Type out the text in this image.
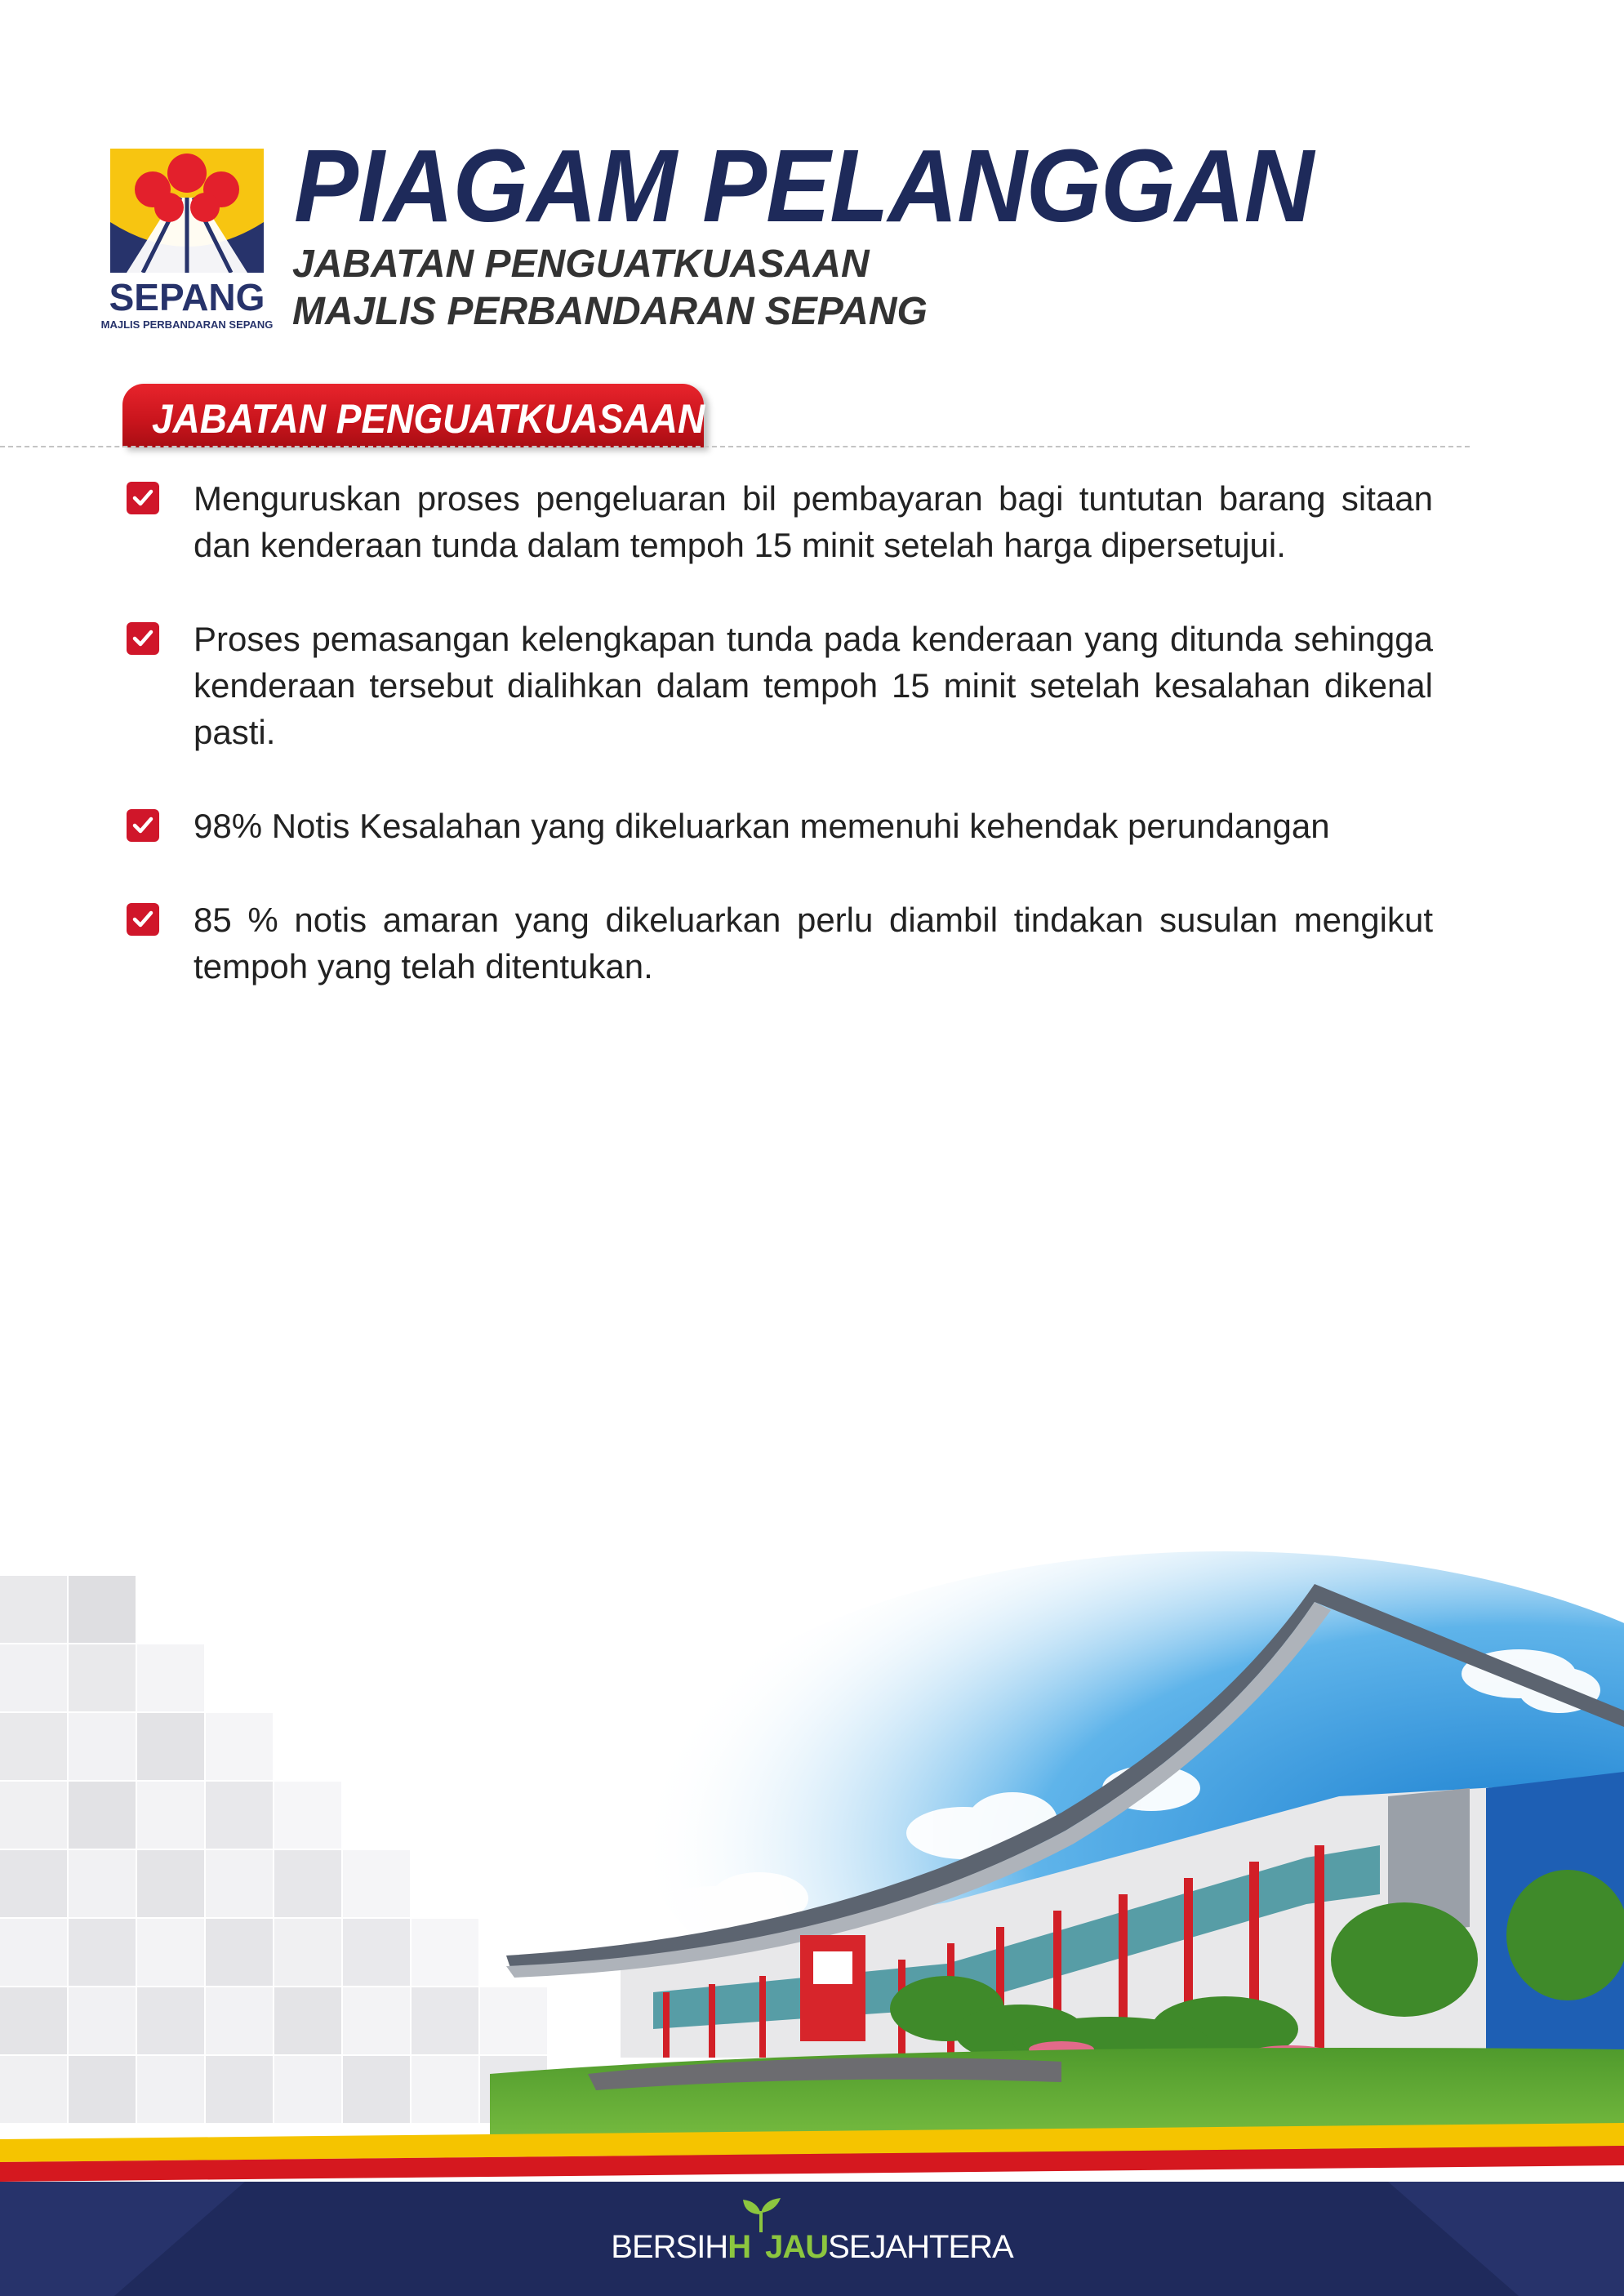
SEPANG
MAJLIS PERBANDARAN SEPANG
PIAGAM PELANGGAN
JABATAN PENGUATKUASAAN
MAJLIS PERBANDARAN SEPANG
JABATAN PENGUATKUASAAN
Menguruskan proses pengeluaran bil pembayaran bagi tuntutan barang sitaan dan kenderaan tunda dalam tempoh 15 minit setelah harga dipersetujui.
Proses pemasangan kelengkapan tunda pada kenderaan yang ditunda sehingga kenderaan tersebut dialihkan dalam tempoh 15 minit setelah kesalahan dikenal pasti.
98% Notis Kesalahan yang dikeluarkan memenuhi kehendak perundangan
85 % notis amaran yang dikeluarkan perlu diambil tindakan susulan mengikut tempoh yang telah ditentukan.
BERSIHH JAUSEJAHTERA
